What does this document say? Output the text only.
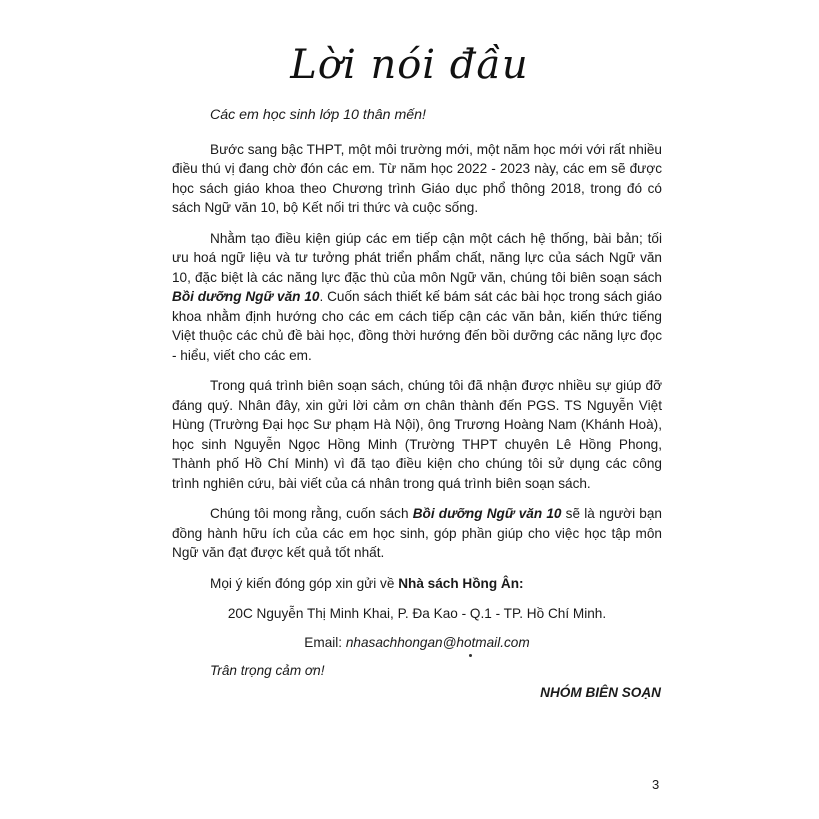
Lời nói đầu

Các em học sinh lớp 10 thân mến!

Bước sang bậc THPT, một môi trường mới, một năm học mới với rất nhiều điều thú vị đang chờ đón các em. Từ năm học 2022 - 2023 này, các em sẽ được học sách giáo khoa theo Chương trình Giáo dục phổ thông 2018, trong đó có sách Ngữ văn 10, bộ Kết nối tri thức và cuộc sống.

Nhằm tạo điều kiện giúp các em tiếp cận một cách hệ thống, bài bản; tối ưu hoá ngữ liệu và tư tưởng phát triển phẩm chất, năng lực của sách Ngữ văn 10, đặc biệt là các năng lực đặc thù của môn Ngữ văn, chúng tôi biên soạn sách Bồi dưỡng Ngữ văn 10. Cuốn sách thiết kế bám sát các bài học trong sách giáo khoa nhằm định hướng cho các em cách tiếp cận các văn bản, kiến thức tiếng Việt thuộc các chủ đề bài học, đồng thời hướng đến bồi dưỡng các năng lực đọc - hiểu, viết cho các em.

Trong quá trình biên soạn sách, chúng tôi đã nhận được nhiều sự giúp đỡ đáng quý. Nhân đây, xin gửi lời cảm ơn chân thành đến PGS. TS Nguyễn Việt Hùng (Trường Đại học Sư phạm Hà Nội), ông Trương Hoàng Nam (Khánh Hoà), học sinh Nguyễn Ngọc Hồng Minh (Trường THPT chuyên Lê Hồng Phong, Thành phố Hồ Chí Minh) vì đã tạo điều kiện cho chúng tôi sử dụng các công trình nghiên cứu, bài viết của cá nhân trong quá trình biên soạn sách.

Chúng tôi mong rằng, cuốn sách Bồi dưỡng Ngữ văn 10 sẽ là người bạn đồng hành hữu ích của các em học sinh, góp phần giúp cho việc học tập môn Ngữ văn đạt được kết quả tốt nhất.

Mọi ý kiến đóng góp xin gửi về Nhà sách Hồng Ân:

20C Nguyễn Thị Minh Khai, P. Đa Kao - Q.1 - TP. Hồ Chí Minh.

Email: nhasachhongan@hotmail.com

Trân trọng cảm ơn!

NHÓM BIÊN SOẠN
3
